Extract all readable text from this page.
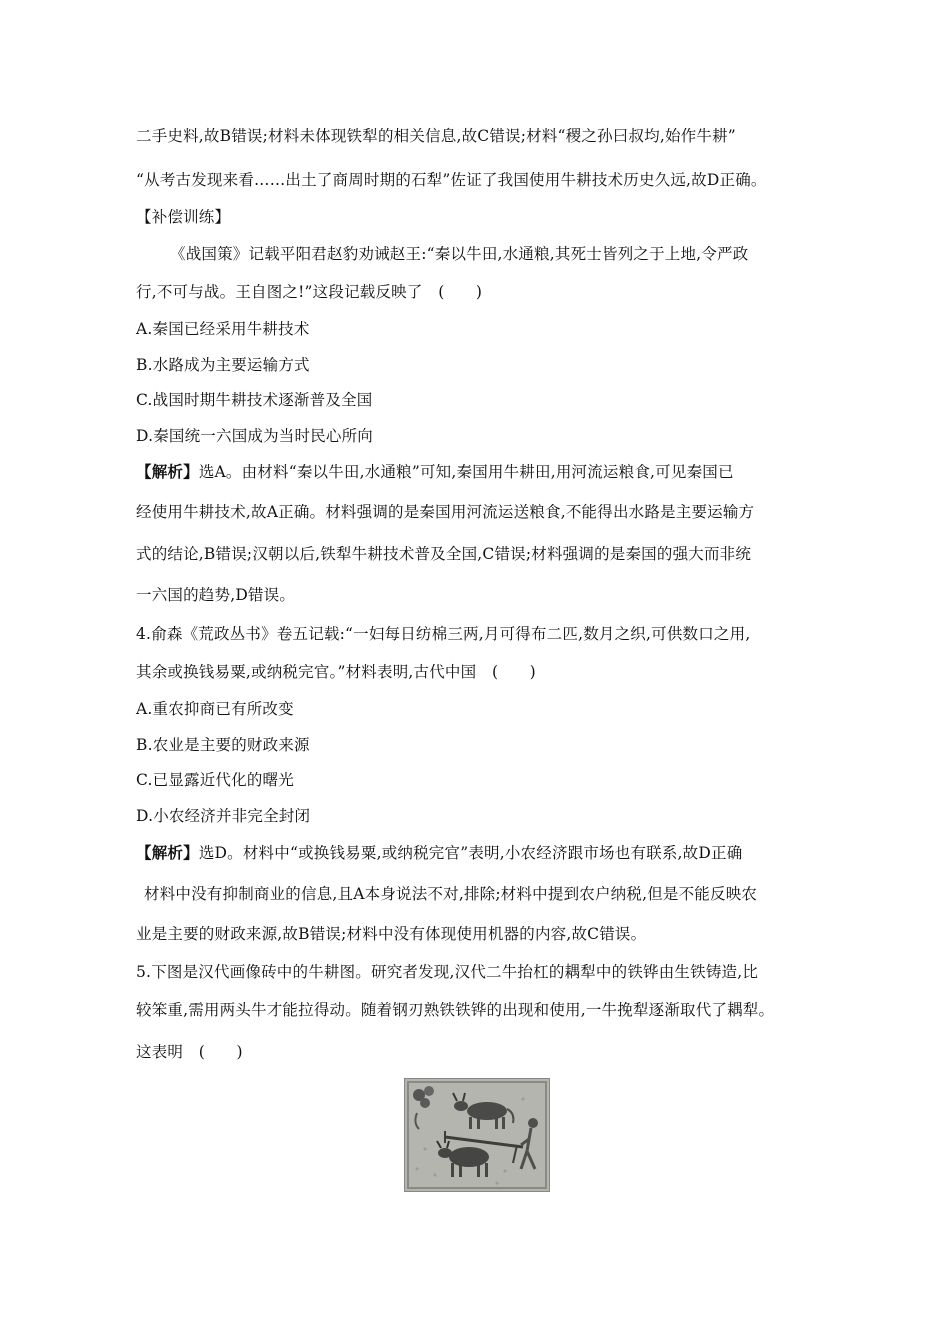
二手史料,故B错误;材料未体现铁犁的相关信息,故C错误;材料“稷之孙曰叔均,始作牛耕”
“从考古发现来看……出土了商周时期的石犁”佐证了我国使用牛耕技术历史久远,故D正确。
【补偿训练】
《战国策》记载平阳君赵豹劝诫赵王:“秦以牛田,水通粮,其死士皆列之于上地,令严政
行,不可与战。王自图之!”这段记载反映了　(　　)
A.秦国已经采用牛耕技术
B.水路成为主要运输方式
C.战国时期牛耕技术逐渐普及全国
D.秦国统一六国成为当时民心所向
【解析】选A。由材料“秦以牛田,水通粮”可知,秦国用牛耕田,用河流运粮食,可见秦国已
经使用牛耕技术,故A正确。材料强调的是秦国用河流运送粮食,不能得出水路是主要运输方
式的结论,B错误;汉朝以后,铁犁牛耕技术普及全国,C错误;材料强调的是秦国的强大而非统
一六国的趋势,D错误。
4.俞森《荒政丛书》卷五记载:“一妇每日纺棉三两,月可得布二匹,数月之织,可供数口之用,
其余或换钱易粟,或纳税完官。”材料表明,古代中国　(　　)
A.重农抑商已有所改变
B.农业是主要的财政来源
C.已显露近代化的曙光
D.小农经济并非完全封闭
【解析】选D。材料中“或换钱易粟,或纳税完官”表明,小农经济跟市场也有联系,故D正确
材料中没有抑制商业的信息,且A本身说法不对,排除;材料中提到农户纳税,但是不能反映农
业是主要的财政来源,故B错误;材料中没有体现使用机器的内容,故C错误。
5.下图是汉代画像砖中的牛耕图。研究者发现,汉代二牛抬杠的耦犁中的铁铧由生铁铸造,比
较笨重,需用两头牛才能拉得动。随着钢刃熟铁铁铧的出现和使用,一牛挽犁逐渐取代了耦犁。
这表明　(　　)
